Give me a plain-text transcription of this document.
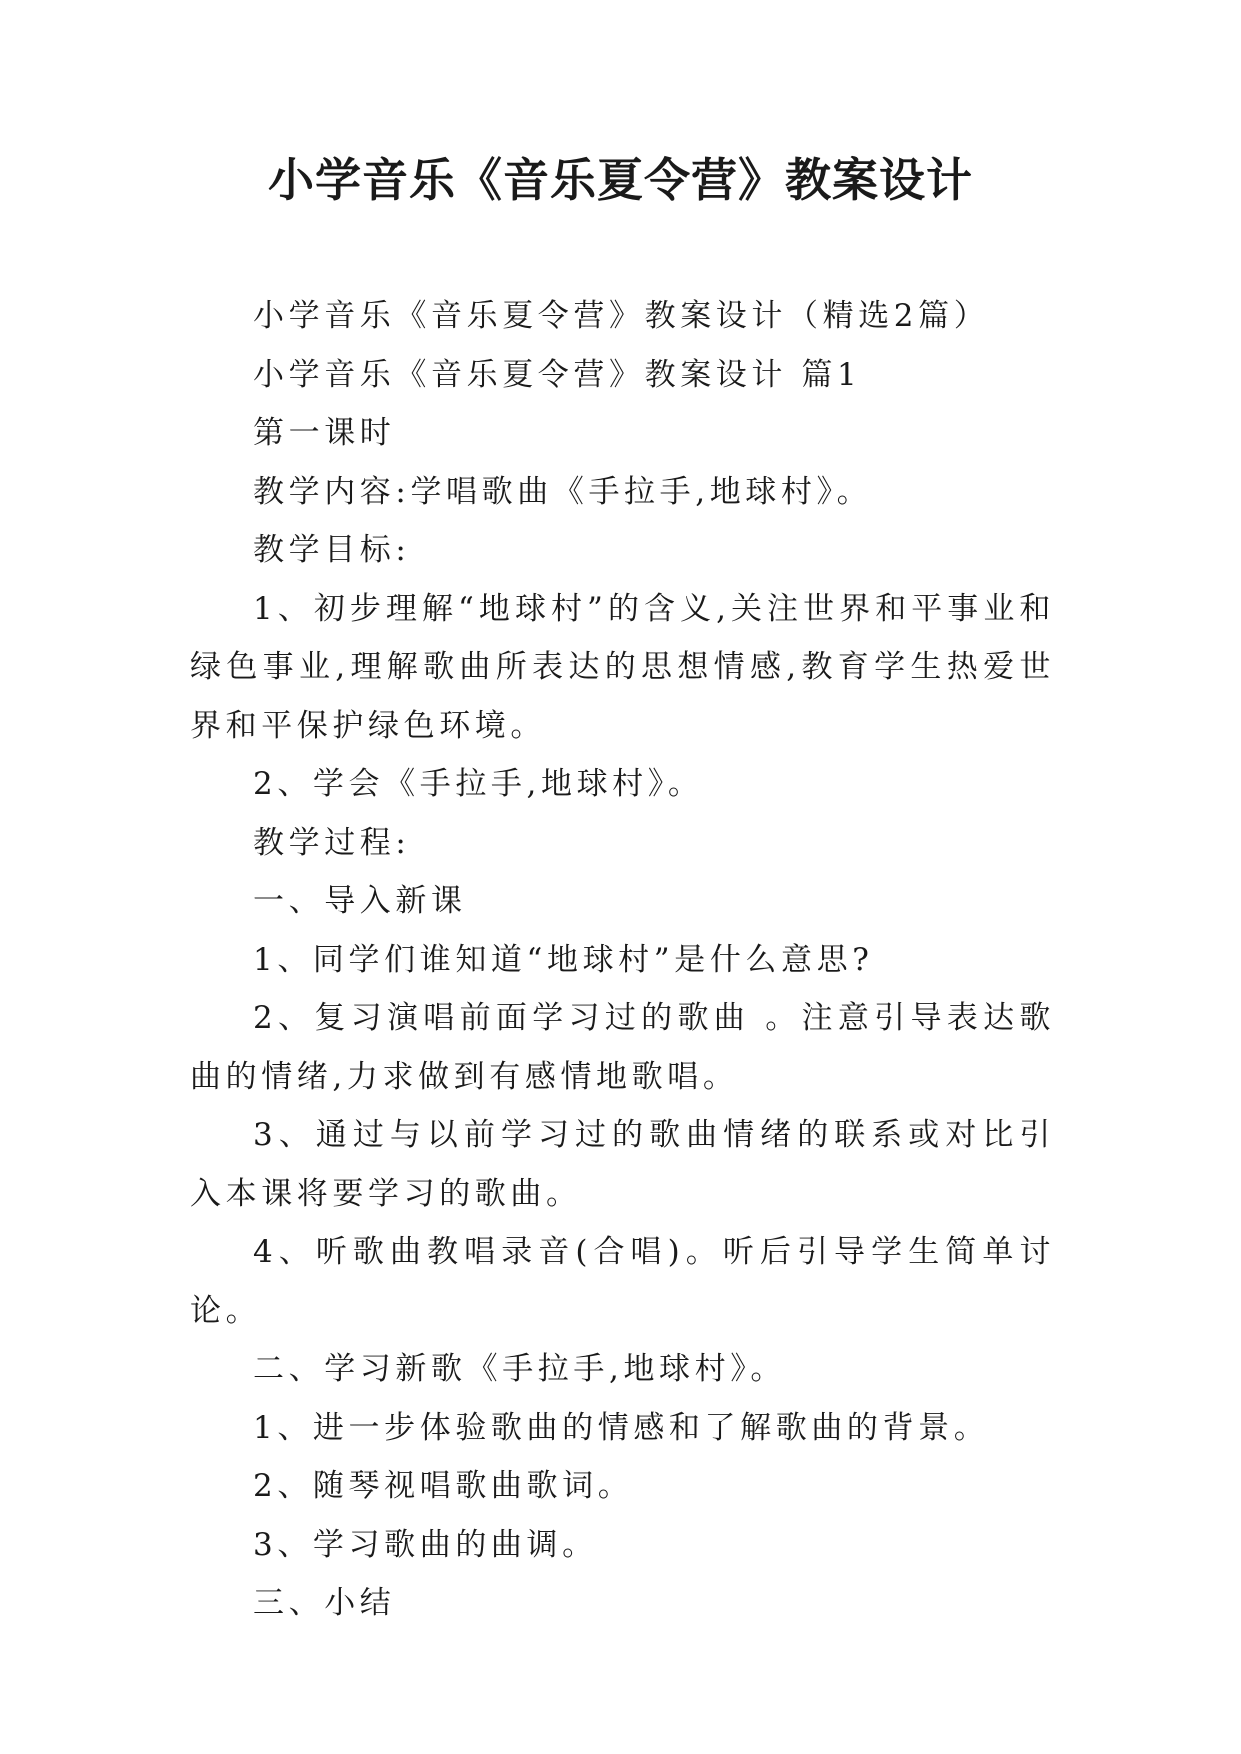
小学音乐《音乐夏令营》教案设计

小学音乐《音乐夏令营》教案设计（精选2篇）

小学音乐《音乐夏令营》教案设计 篇1

第一课时

教学内容:学唱歌曲《手拉手,地球村》。

教学目标:

1、初步理解“地球村”的含义,关注世界和平事业和绿色事业,理解歌曲所表达的思想情感,教育学生热爱世界和平保护绿色环境。

2、学会《手拉手,地球村》。

教学过程:

一、导入新课

1、同学们谁知道“地球村”是什么意思?

2、复习演唱前面学习过的歌曲 。注意引导表达歌曲的情绪,力求做到有感情地歌唱。

3、通过与以前学习过的歌曲情绪的联系或对比引入本课将要学习的歌曲。

4、听歌曲教唱录音(合唱)。听后引导学生简单讨论。

二、学习新歌《手拉手,地球村》。

1、进一步体验歌曲的情感和了解歌曲的背景。

2、随琴视唱歌曲歌词。

3、学习歌曲的曲调。

三、小结
